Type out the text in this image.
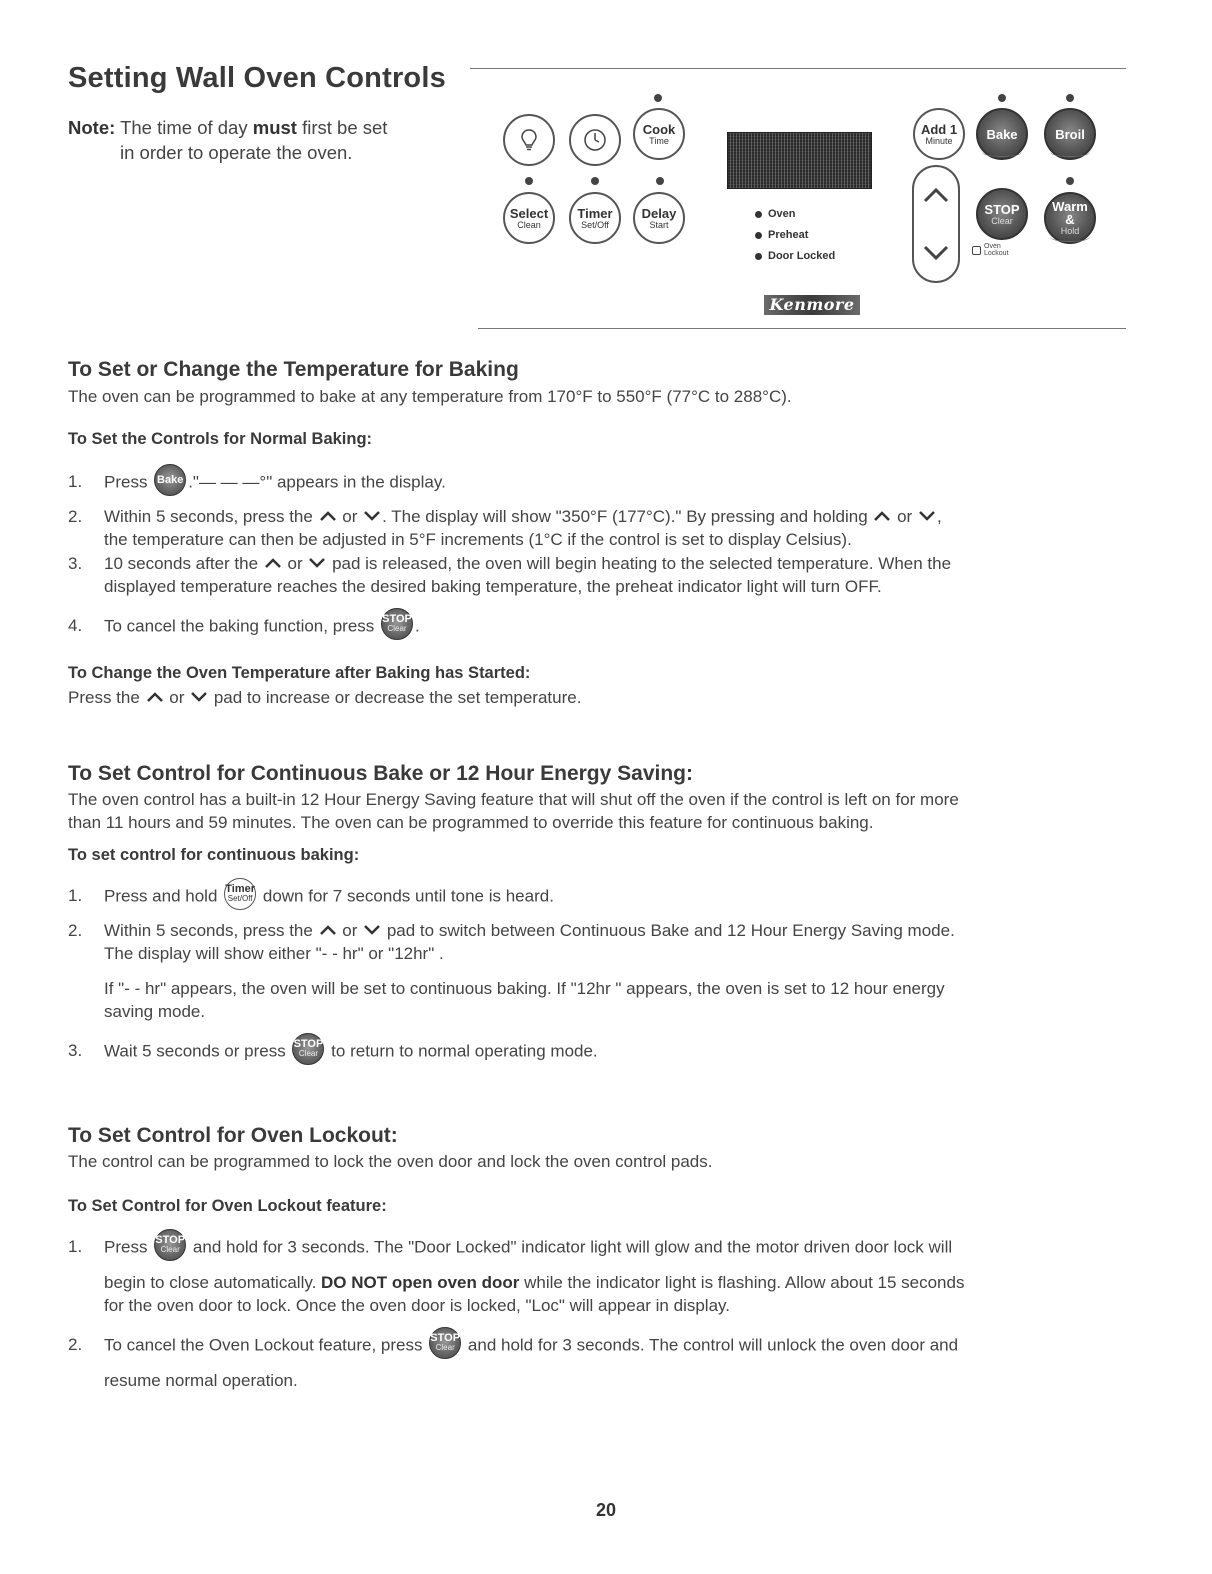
Setting Wall Oven Controls
Note: The time of day must first be set
in order to operate the oven.
Cook
Time
Select
Clean
Timer
Set/Off
Delay
Start
Oven
Preheat
Door Locked
Add 1
Minute	Bake	Broil
STOP
Clear
Oven
Lockout
Warm &
Hold
Kenmore
To Set or Change the Temperature for Baking
The oven can be programmed to bake at any temperature from 170°F to 550°F (77°C to 288°C).
To Set the Controls for Normal Baking:
1.	Press Bake ."— — —°" appears in the display.
2.	Within 5 seconds, press the  or . The display will show "350°F (177°C)." By pressing and holding  or ,
the temperature can then be adjusted in 5°F increments (1°C if the control is set to display Celsius).
3.	10 seconds after the  or  pad is released, the oven will begin heating to the selected temperature. When the
displayed temperature reaches the desired baking temperature, the preheat indicator light will turn OFF.
4.	To cancel the baking function, press STOP
Clear .
To Change the Oven Temperature after Baking has Started:
Press the  or  pad to increase or decrease the set temperature.
To Set Control for Continuous Bake or 12 Hour Energy Saving:
The oven control has a built-in 12 Hour Energy Saving feature that will shut off the oven if the control is left on for more
than 11 hours and 59 minutes. The oven can be programmed to override this feature for continuous baking.
To set control for continuous baking:
1.	Press and hold Timer
Set/Off down for 7 seconds until tone is heard.
2.	Within 5 seconds, press the  or  pad to switch between Continuous Bake and 12 Hour Energy Saving mode.
The display will show either "- - hr" or "12hr" .
If "- - hr" appears, the oven will be set to continuous baking. If "12hr " appears, the oven is set to 12 hour energy
saving mode.
3.	Wait 5 seconds or press STOP
Clear to return to normal operating mode.
To Set Control for Oven Lockout:
The control can be programmed to lock the oven door and lock the oven control pads.
To Set Control for Oven Lockout feature:
1.	Press STOP
Clear and hold for 3 seconds. The "Door Locked" indicator light will glow and the motor driven door lock will
begin to close automatically. DO NOT open oven door while the indicator light is flashing. Allow about 15 seconds
for the oven door to lock. Once the oven door is locked, "Loc" will appear in display.
2.	To cancel the Oven Lockout feature, press STOP
Clear and hold for 3 seconds. The control will unlock the oven door and
resume normal operation.
20
